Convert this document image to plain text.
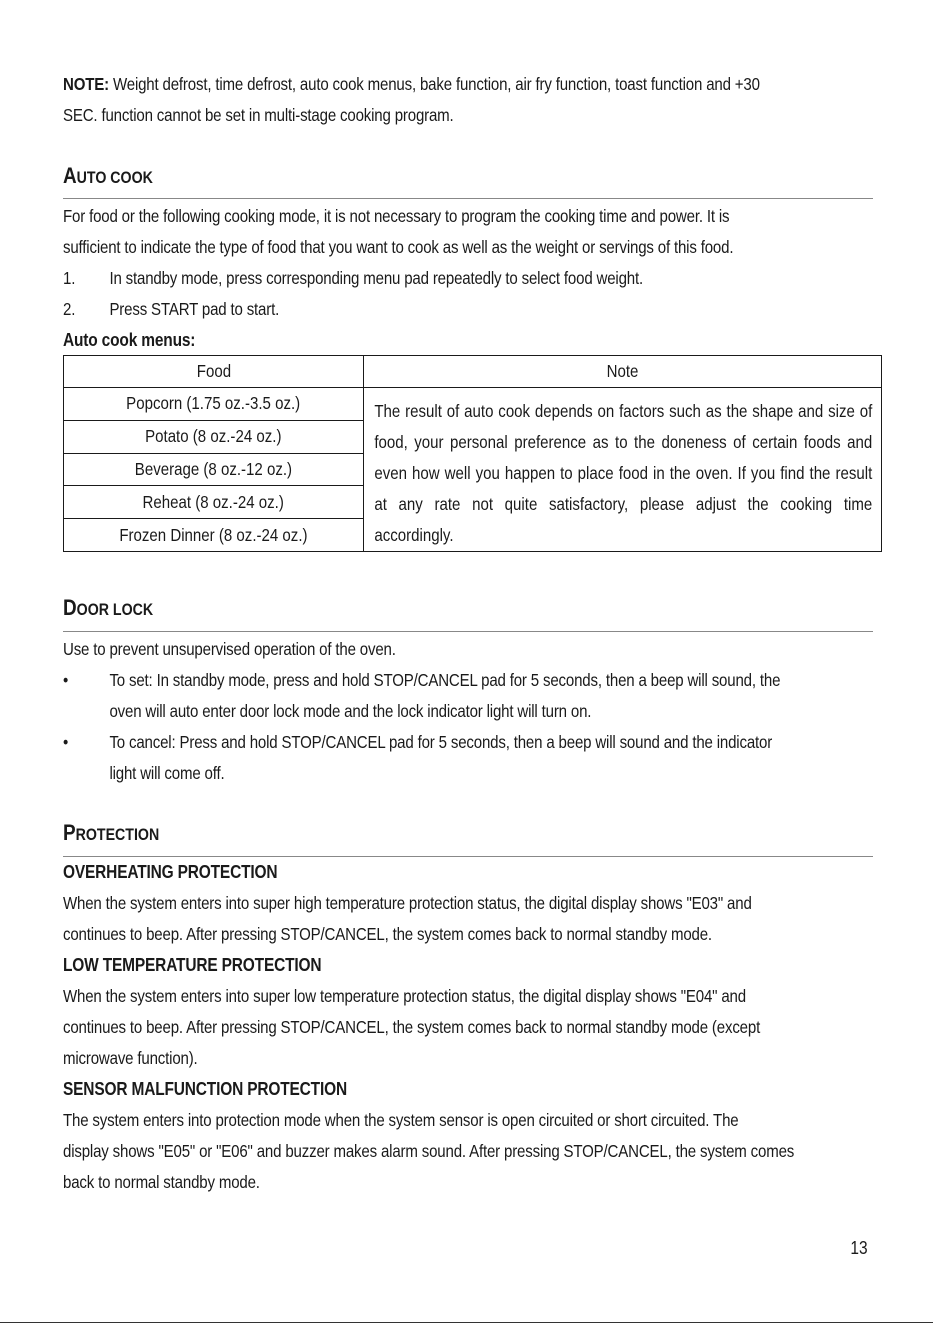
NOTE: Weight defrost, time defrost, auto cook menus, bake function, air fry function, toast function and +30
SEC. function cannot be set in multi-stage cooking program.
AUTO COOK
For food or the following cooking mode, it is not necessary to program the cooking time and power. It is
sufficient to indicate the type of food that you want to cook as well as the weight or servings of this food.
1. In standby mode, press corresponding menu pad repeatedly to select food weight.
2. Press START pad to start.
Auto cook menus:
Food	Note
Popcorn (1.75 oz.-3.5 oz.)	The result of auto cook depends on factors such as the shape and size of food, your personal preference as to the doneness of certain foods and even how well you happen to place food in the oven. If you find the result at any rate not quite satisfactory, please adjust the cooking time accordingly.

Potato (8 oz.-24 oz.)	
Beverage (8 oz.-12 oz.)	
Reheat (8 oz.-24 oz.)	
Frozen Dinner (8 oz.-24 oz.)	
DOOR LOCK
Use to prevent unsupervised operation of the oven.
• To set: In standby mode, press and hold STOP/CANCEL pad for 5 seconds, then a beep will sound, the
oven will auto enter door lock mode and the lock indicator light will turn on.
• To cancel: Press and hold STOP/CANCEL pad for 5 seconds, then a beep will sound and the indicator
light will come off.
PROTECTION
OVERHEATING PROTECTION
When the system enters into super high temperature protection status, the digital display shows "E03" and
continues to beep. After pressing STOP/CANCEL, the system comes back to normal standby mode.
LOW TEMPERATURE PROTECTION
When the system enters into super low temperature protection status, the digital display shows "E04" and
continues to beep. After pressing STOP/CANCEL, the system comes back to normal standby mode (except
microwave function).
SENSOR MALFUNCTION PROTECTION
The system enters into protection mode when the system sensor is open circuited or short circuited. The
display shows "E05" or "E06" and buzzer makes alarm sound. After pressing STOP/CANCEL, the system comes
back to normal standby mode.
13
